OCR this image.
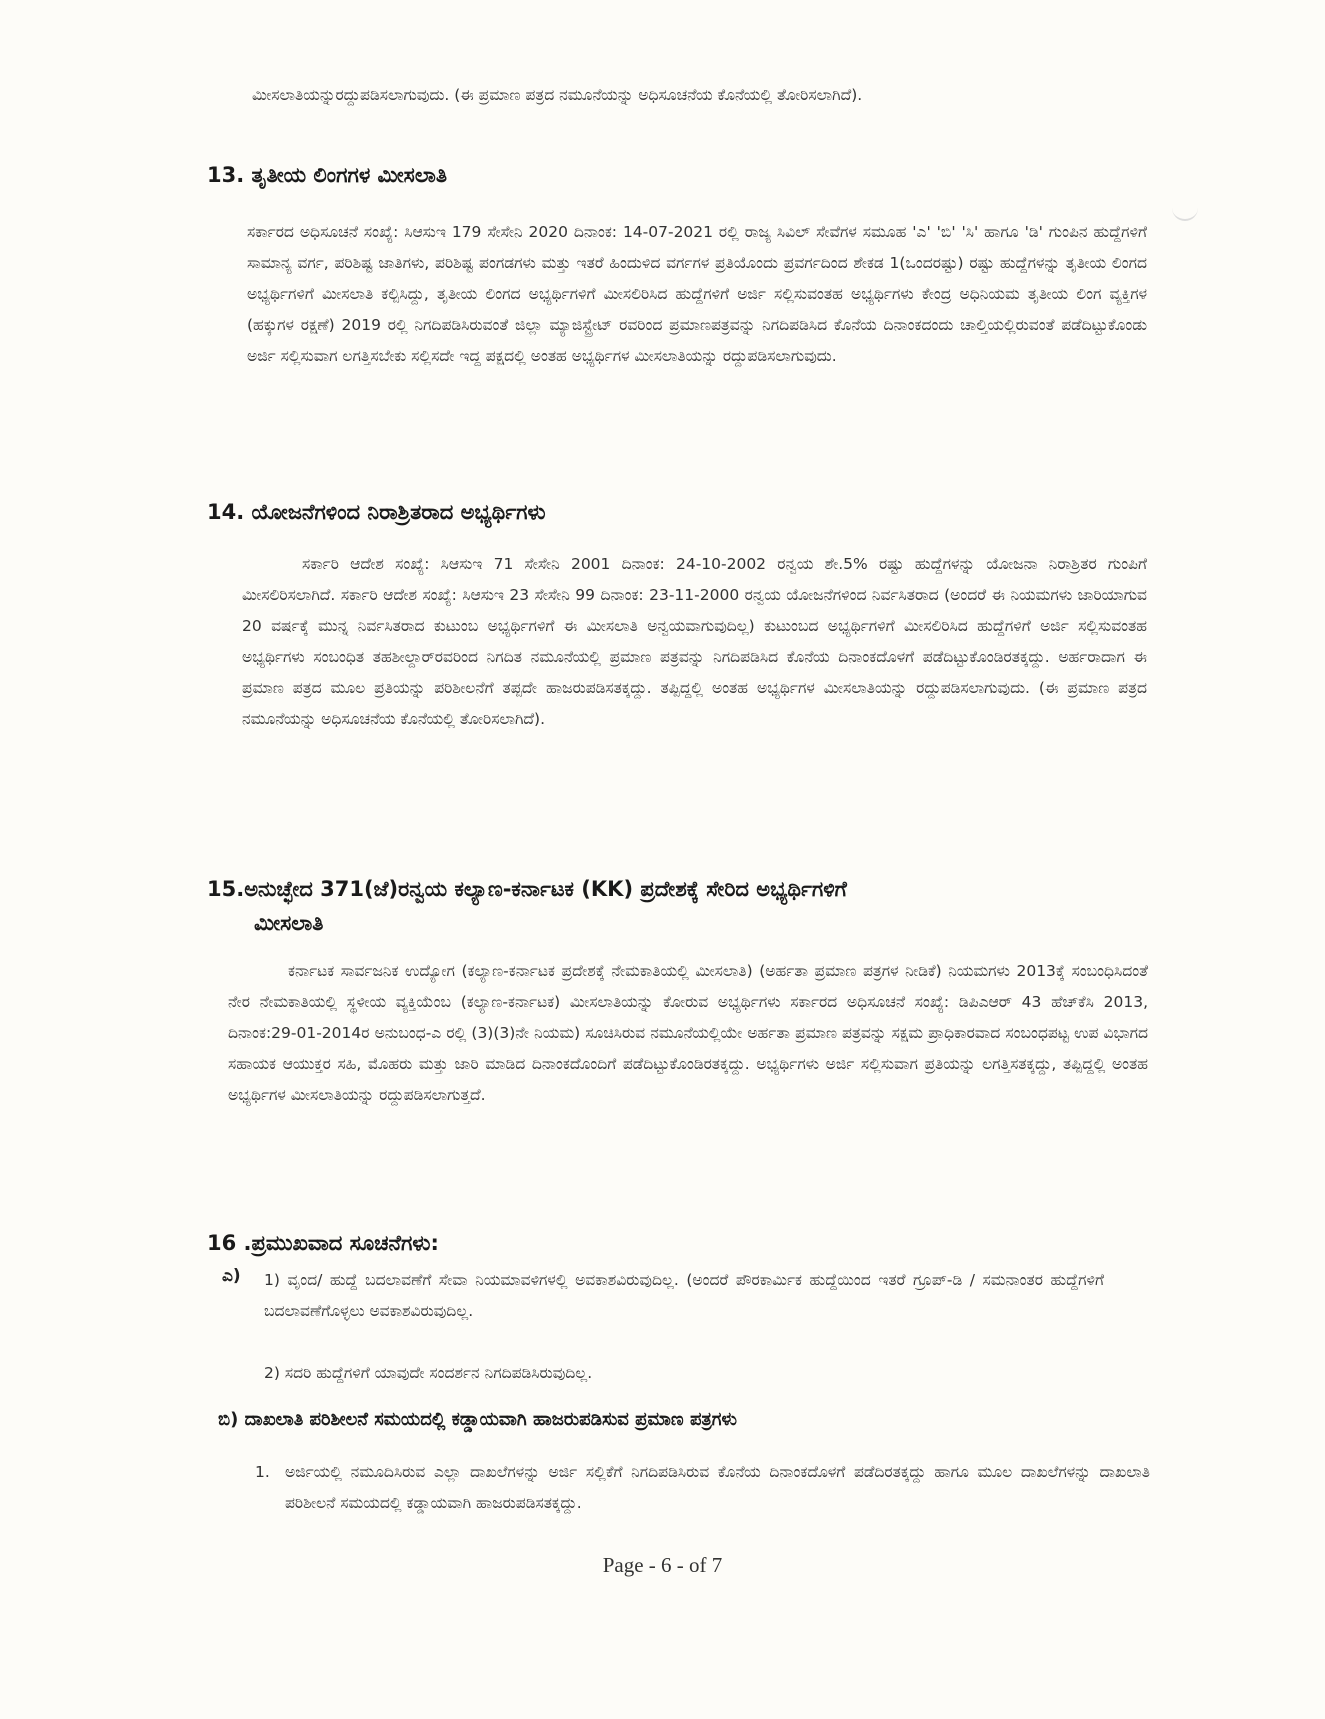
ಮೀಸಲಾತಿಯನ್ನುರದ್ದುಪಡಿಸಲಾಗುವುದು. (ಈ ಪ್ರಮಾಣ ಪತ್ರದ ನಮೂನೆಯನ್ನು ಅಧಿಸೂಚನೆಯ ಕೊನೆಯಲ್ಲಿ ತೋರಿಸಲಾಗಿದೆ).
13. ತೃತೀಯ ಲಿಂಗಗಳ ಮೀಸಲಾತಿ
ಸರ್ಕಾರದ ಅಧಿಸೂಚನೆ ಸಂಖ್ಯೆ: ಸಿಆಸುಇ 179 ಸೇಸೇನಿ 2020 ದಿನಾಂಕ: 14-07-2021 ರಲ್ಲಿ ರಾಜ್ಯ ಸಿವಿಲ್ ಸೇವೆಗಳ ಸಮೂಹ 'ಎ' 'ಬಿ' 'ಸಿ' ಹಾಗೂ 'ಡಿ' ಗುಂಪಿನ ಹುದ್ದೆಗಳಿಗೆ ಸಾಮಾನ್ಯ ವರ್ಗ, ಪರಿಶಿಷ್ಟ ಜಾತಿಗಳು, ಪರಿಶಿಷ್ಟ ಪಂಗಡಗಳು ಮತ್ತು ಇತರೆ ಹಿಂದುಳಿದ ವರ್ಗಗಳ ಪ್ರತಿಯೊಂದು ಪ್ರವರ್ಗದಿಂದ ಶೇಕಡ 1(ಒಂದರಷ್ಟು) ರಷ್ಟು ಹುದ್ದೆಗಳನ್ನು ತೃತೀಯ ಲಿಂಗದ ಅಭ್ಯರ್ಥಿಗಳಿಗೆ ಮೀಸಲಾತಿ ಕಲ್ಪಿಸಿದ್ದು, ತೃತೀಯ ಲಿಂಗದ ಅಭ್ಯರ್ಥಿಗಳಿಗೆ ಮೀಸಲಿರಿಸಿದ ಹುದ್ದೆಗಳಿಗೆ ಅರ್ಜಿ ಸಲ್ಲಿಸುವಂತಹ ಅಭ್ಯರ್ಥಿಗಳು ಕೇಂದ್ರ ಅಧಿನಿಯಮ ತೃತೀಯ ಲಿಂಗ ವ್ಯಕ್ತಿಗಳ (ಹಕ್ಕುಗಳ ರಕ್ಷಣೆ) 2019 ರಲ್ಲಿ ನಿಗದಿಪಡಿಸಿರುವಂತೆ ಜಿಲ್ಲಾ ಮ್ಯಾಜಿಸ್ಟ್ರೇಟ್ ರವರಿಂದ ಪ್ರಮಾಣಪತ್ರವನ್ನು ನಿಗದಿಪಡಿಸಿದ ಕೊನೆಯ ದಿನಾಂಕದಂದು ಚಾಲ್ತಿಯಲ್ಲಿರುವಂತೆ ಪಡೆದಿಟ್ಟುಕೊಂಡು ಅರ್ಜಿ ಸಲ್ಲಿಸುವಾಗ ಲಗತ್ತಿಸಬೇಕು ಸಲ್ಲಿಸದೇ ಇದ್ದ ಪಕ್ಷದಲ್ಲಿ ಅಂತಹ ಅಭ್ಯರ್ಥಿಗಳ ಮೀಸಲಾತಿಯನ್ನು ರದ್ದುಪಡಿಸಲಾಗುವುದು.
14. ಯೋಜನೆಗಳಿಂದ ನಿರಾಶ್ರಿತರಾದ ಅಭ್ಯರ್ಥಿಗಳು
ಸರ್ಕಾರಿ ಆದೇಶ ಸಂಖ್ಯೆ: ಸಿಆಸುಇ 71 ಸೇಸೇನಿ 2001 ದಿನಾಂಕ: 24-10-2002 ರನ್ವಯ ಶೇ.5% ರಷ್ಟು ಹುದ್ದೆಗಳನ್ನು ಯೋಜನಾ ನಿರಾಶ್ರಿತರ ಗುಂಪಿಗೆ ಮೀಸಲಿರಿಸಲಾಗಿದೆ. ಸರ್ಕಾರಿ ಆದೇಶ ಸಂಖ್ಯೆ: ಸಿಆಸುಇ 23 ಸೇಸೇನಿ 99 ದಿನಾಂಕ: 23-11-2000 ರನ್ವಯ ಯೋಜನೆಗಳಿಂದ ನಿರ್ವಸಿತರಾದ (ಅಂದರೆ ಈ ನಿಯಮಗಳು ಜಾರಿಯಾಗುವ 20 ವರ್ಷಕ್ಕೆ ಮುನ್ನ ನಿರ್ವಸಿತರಾದ ಕುಟುಂಬ ಅಭ್ಯರ್ಥಿಗಳಿಗೆ ಈ ಮೀಸಲಾತಿ ಅನ್ವಯವಾಗುವುದಿಲ್ಲ) ಕುಟುಂಬದ ಅಭ್ಯರ್ಥಿಗಳಿಗೆ ಮೀಸಲಿರಿಸಿದ ಹುದ್ದೆಗಳಿಗೆ ಅರ್ಜಿ ಸಲ್ಲಿಸುವಂತಹ ಅಭ್ಯರ್ಥಿಗಳು ಸಂಬಂಧಿತ ತಹಶೀಲ್ದಾರ್‌ರವರಿಂದ ನಿಗದಿತ ನಮೂನೆಯಲ್ಲಿ ಪ್ರಮಾಣ ಪತ್ರವನ್ನು ನಿಗದಿಪಡಿಸಿದ ಕೊನೆಯ ದಿನಾಂಕದೊಳಗೆ ಪಡೆದಿಟ್ಟುಕೊಂಡಿರತಕ್ಕದ್ದು. ಅರ್ಹರಾದಾಗ ಈ ಪ್ರಮಾಣ ಪತ್ರದ ಮೂಲ ಪ್ರತಿಯನ್ನು ಪರಿಶೀಲನೆಗೆ ತಪ್ಪದೇ ಹಾಜರುಪಡಿಸತಕ್ಕದ್ದು. ತಪ್ಪಿದ್ದಲ್ಲಿ ಅಂತಹ ಅಭ್ಯರ್ಥಿಗಳ ಮೀಸಲಾತಿಯನ್ನು ರದ್ದುಪಡಿಸಲಾಗುವುದು. (ಈ ಪ್ರಮಾಣ ಪತ್ರದ ನಮೂನೆಯನ್ನು ಅಧಿಸೂಚನೆಯ ಕೊನೆಯಲ್ಲಿ ತೋರಿಸಲಾಗಿದೆ).
15.ಅನುಚ್ಛೇದ 371(ಜೆ)ರನ್ವಯ ಕಲ್ಯಾಣ-ಕರ್ನಾಟಕ (KK) ಪ್ರದೇಶಕ್ಕೆ ಸೇರಿದ ಅಭ್ಯರ್ಥಿಗಳಿಗೆ
ಮೀಸಲಾತಿ
ಕರ್ನಾಟಕ ಸಾರ್ವಜನಿಕ ಉದ್ಯೋಗ (ಕಲ್ಯಾಣ-ಕರ್ನಾಟಕ ಪ್ರದೇಶಕ್ಕೆ ನೇಮಕಾತಿಯಲ್ಲಿ ಮೀಸಲಾತಿ) (ಅರ್ಹತಾ ಪ್ರಮಾಣ ಪತ್ರಗಳ ನೀಡಿಕೆ) ನಿಯಮಗಳು 2013ಕ್ಕೆ ಸಂಬಂಧಿಸಿದಂತೆ ನೇರ ನೇಮಕಾತಿಯಲ್ಲಿ ಸ್ಥಳೀಯ ವ್ಯಕ್ತಿಯೆಂಬ (ಕಲ್ಯಾಣ-ಕರ್ನಾಟಕ) ಮೀಸಲಾತಿಯನ್ನು ಕೋರುವ ಅಭ್ಯರ್ಥಿಗಳು ಸರ್ಕಾರದ ಅಧಿಸೂಚನೆ ಸಂಖ್ಯೆ: ಡಿಪಿಎಆರ್ 43 ಹೆಚ್‌ಕೆಸಿ 2013, ದಿನಾಂಕ:29-01-2014ರ ಅನುಬಂಧ-ಎ ರಲ್ಲಿ (3)(3)ನೇ ನಿಯಮ) ಸೂಚಿಸಿರುವ ನಮೂನೆಯಲ್ಲಿಯೇ ಅರ್ಹತಾ ಪ್ರಮಾಣ ಪತ್ರವನ್ನು ಸಕ್ಷಮ ಪ್ರಾಧಿಕಾರವಾದ ಸಂಬಂಧಪಟ್ಟ ಉಪ ವಿಭಾಗದ ಸಹಾಯಕ ಆಯುಕ್ತರ ಸಹಿ, ಮೊಹರು ಮತ್ತು ಜಾರಿ ಮಾಡಿದ ದಿನಾಂಕದೊಂದಿಗೆ ಪಡೆದಿಟ್ಟುಕೊಂಡಿರತಕ್ಕದ್ದು. ಅಭ್ಯರ್ಥಿಗಳು ಅರ್ಜಿ ಸಲ್ಲಿಸುವಾಗ ಪ್ರತಿಯನ್ನು ಲಗತ್ತಿಸತಕ್ಕದ್ದು, ತಪ್ಪಿದ್ದಲ್ಲಿ ಅಂತಹ ಅಭ್ಯರ್ಥಿಗಳ ಮೀಸಲಾತಿಯನ್ನು ರದ್ದುಪಡಿಸಲಾಗುತ್ತದೆ.
16 .ಪ್ರಮುಖವಾದ ಸೂಚನೆಗಳು:
ಎ) 1) ವೃಂದ/ ಹುದ್ದೆ ಬದಲಾವಣೆಗೆ ಸೇವಾ ನಿಯಮಾವಳಿಗಳಲ್ಲಿ ಅವಕಾಶವಿರುವುದಿಲ್ಲ. (ಅಂದರೆ ಪೌರಕಾರ್ಮಿಕ ಹುದ್ದೆಯಿಂದ ಇತರೆ ಗ್ರೂಪ್-ಡಿ / ಸಮನಾಂತರ ಹುದ್ದೆಗಳಿಗೆ ಬದಲಾವಣೆಗೊಳ್ಳಲು ಅವಕಾಶವಿರುವುದಿಲ್ಲ.
2) ಸದರಿ ಹುದ್ದೆಗಳಿಗೆ ಯಾವುದೇ ಸಂದರ್ಶನ ನಿಗದಿಪಡಿಸಿರುವುದಿಲ್ಲ.
ಬಿ) ದಾಖಲಾತಿ ಪರಿಶೀಲನೆ ಸಮಯದಲ್ಲಿ ಕಡ್ಡಾಯವಾಗಿ ಹಾಜರುಪಡಿಸುವ ಪ್ರಮಾಣ ಪತ್ರಗಳು
1. ಅರ್ಜಿಯಲ್ಲಿ ನಮೂದಿಸಿರುವ ಎಲ್ಲಾ ದಾಖಲೆಗಳನ್ನು ಅರ್ಜಿ ಸಲ್ಲಿಕೆಗೆ ನಿಗದಿಪಡಿಸಿರುವ ಕೊನೆಯ ದಿನಾಂಕದೊಳಗೆ ಪಡೆದಿರತಕ್ಕದ್ದು ಹಾಗೂ ಮೂಲ ದಾಖಲೆಗಳನ್ನು ದಾಖಲಾತಿ ಪರಿಶೀಲನೆ ಸಮಯದಲ್ಲಿ ಕಡ್ಡಾಯವಾಗಿ ಹಾಜರುಪಡಿಸತಕ್ಕದ್ದು.
Page - 6 - of 7
